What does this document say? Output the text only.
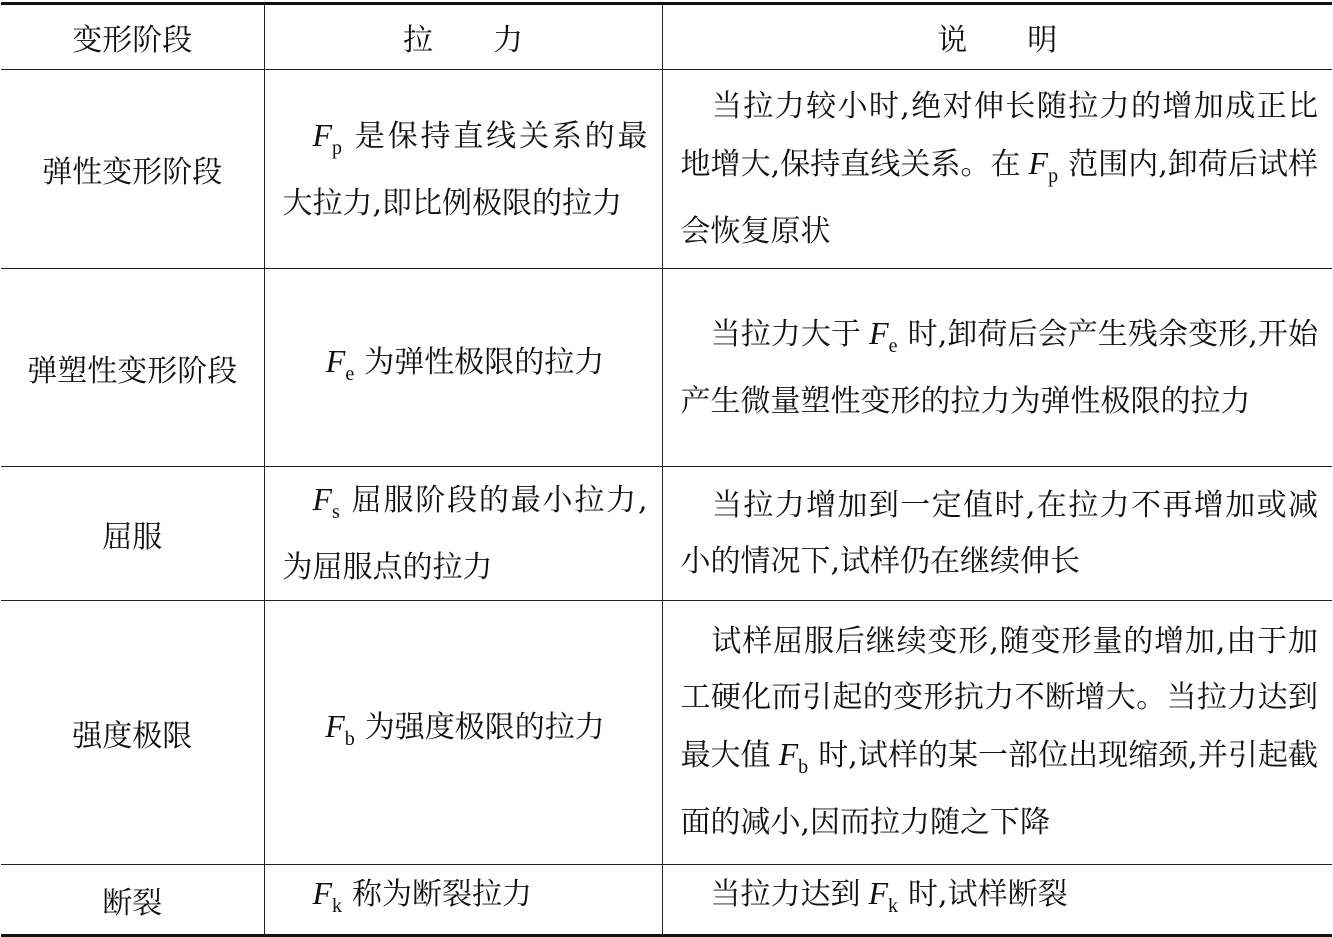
变形阶段	拉 力	说 明
弹性变形阶段	$F_p$ 是保持直线关系的最大拉力,即比例极限的拉力	当拉力较小时,绝对伸长随拉力的增加成正比地增大,保持直线关系。在 $F_p$ 范围内,卸荷后试样会恢复原状
弹塑性变形阶段	$F_e$ 为弹性极限的拉力	当拉力大于 $F_e$ 时,卸荷后会产生残余变形,开始产生微量塑性变形的拉力为弹性极限的拉力
屈服	$F_s$ 屈服阶段的最小拉力,为屈服点的拉力	当拉力增加到一定值时,在拉力不再增加或减小的情况下,试样仍在继续伸长
强度极限	$F_b$ 为强度极限的拉力	试样屈服后继续变形,随变形量的增加,由于加工硬化而引起的变形抗力不断增大。当拉力达到最大值 $F_b$ 时,试样的某一部位出现缩颈,并引起截面的减小,因而拉力随之下降
断裂	$F_k$ 称为断裂拉力	当拉力达到 $F_k$ 时,试样断裂
